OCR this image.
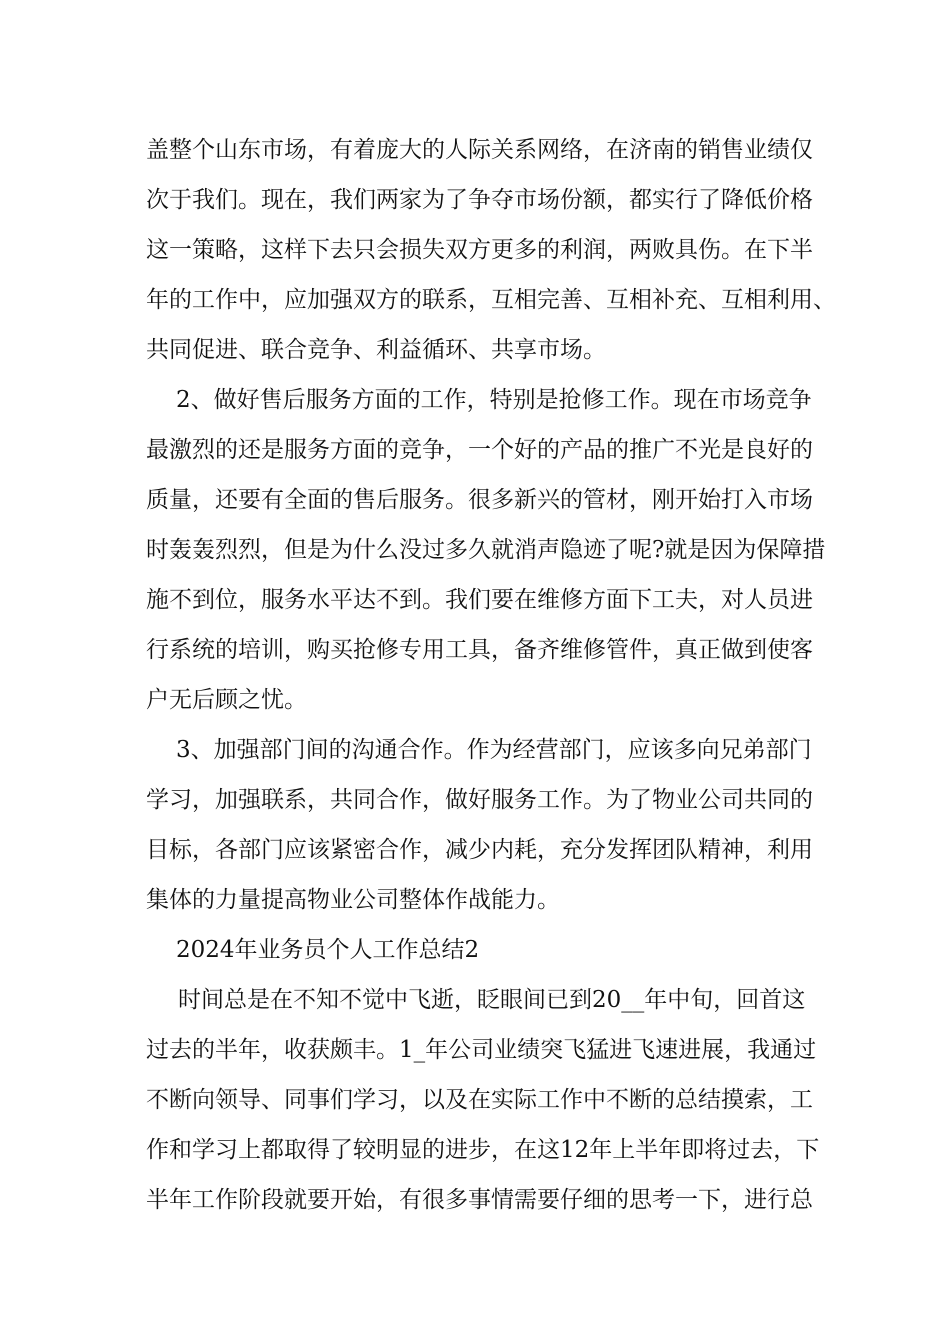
盖整个山东市场，有着庞大的人际关系网络，在济南的销售业绩仅
次于我们。现在，我们两家为了争夺市场份额，都实行了降低价格
这一策略，这样下去只会损失双方更多的利润，两败具伤。在下半
年的工作中，应加强双方的联系，互相完善、互相补充、互相利用、
共同促进、联合竞争、利益循环、共享市场。
2、做好售后服务方面的工作，特别是抢修工作。现在市场竞争
最激烈的还是服务方面的竞争，一个好的产品的推广不光是良好的
质量，还要有全面的售后服务。很多新兴的管材，刚开始打入市场
时轰轰烈烈，但是为什么没过多久就消声隐迹了呢?就是因为保障措
施不到位，服务水平达不到。我们要在维修方面下工夫，对人员进
行系统的培训，购买抢修专用工具，备齐维修管件，真正做到使客
户无后顾之忧。
3、加强部门间的沟通合作。作为经营部门，应该多向兄弟部门
学习，加强联系，共同合作，做好服务工作。为了物业公司共同的
目标，各部门应该紧密合作，减少内耗，充分发挥团队精神，利用
集体的力量提高物业公司整体作战能力。
2024年业务员个人工作总结2
时间总是在不知不觉中飞逝，眨眼间已到20__年中旬，回首这
过去的半年，收获颇丰。1_年公司业绩突飞猛进飞速进展，我通过
不断向领导、同事们学习，以及在实际工作中不断的总结摸索，工
作和学习上都取得了较明显的进步，在这12年上半年即将过去，下
半年工作阶段就要开始，有很多事情需要仔细的思考一下，进行总
